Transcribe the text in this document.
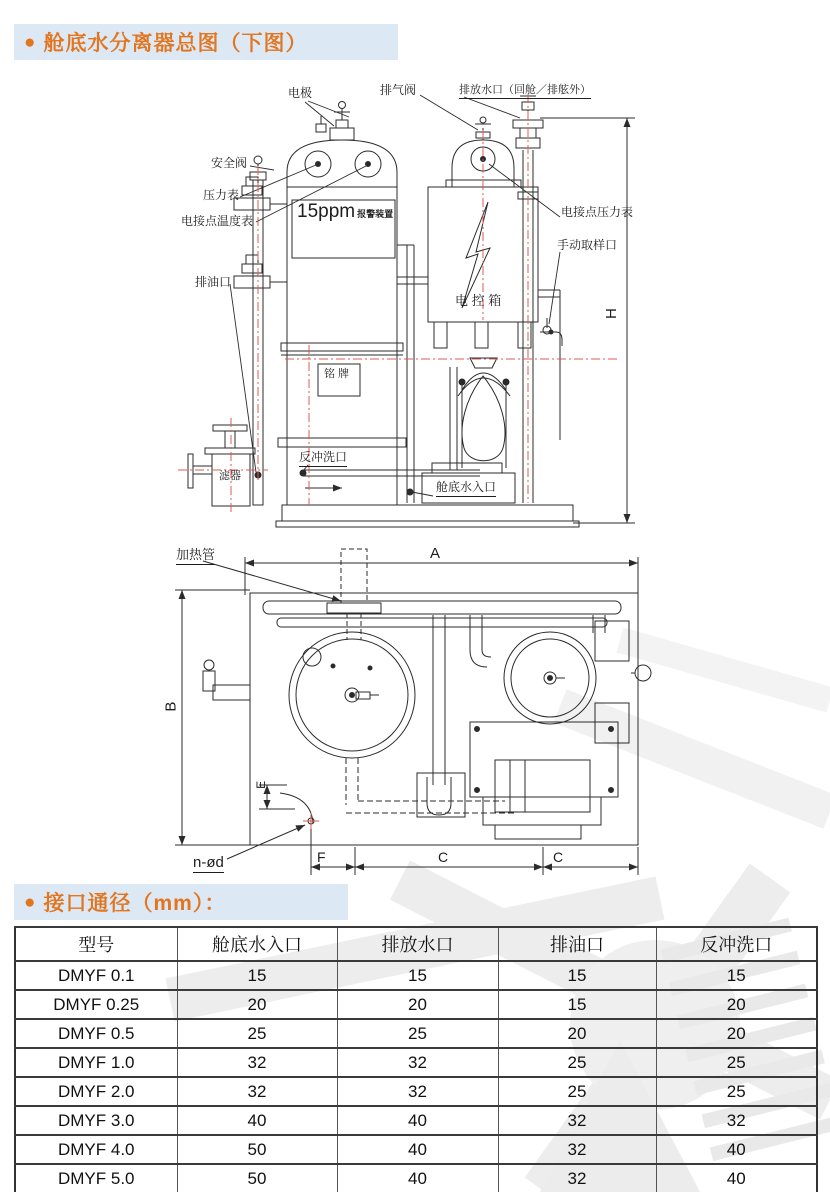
● 舱底水分离器总图（下图）
电极	排气阀	排放水口（回舱／排舷外）
安全阀
压力表
电接点温度表
排油口
15ppm 报警装置	电接点压力表
手动取样口
电 控 箱
铭 牌
反冲洗口
舱底水入口
滤器
H
加热管	A
B
E
n-ød	F	C	C
● 接口通径（mm）：
型号	舱底水入口	排放水口	排油口	反冲洗口
DMYF 0.1	15	15	15	15
DMYF 0.25	20	20	15	20
DMYF 0.5	25	25	20	20
DMYF 1.0	32	32	25	25
DMYF 2.0	32	32	25	25
DMYF 3.0	40	40	32	32
DMYF 4.0	50	40	32	40
DMYF 5.0	50	40	32	40
